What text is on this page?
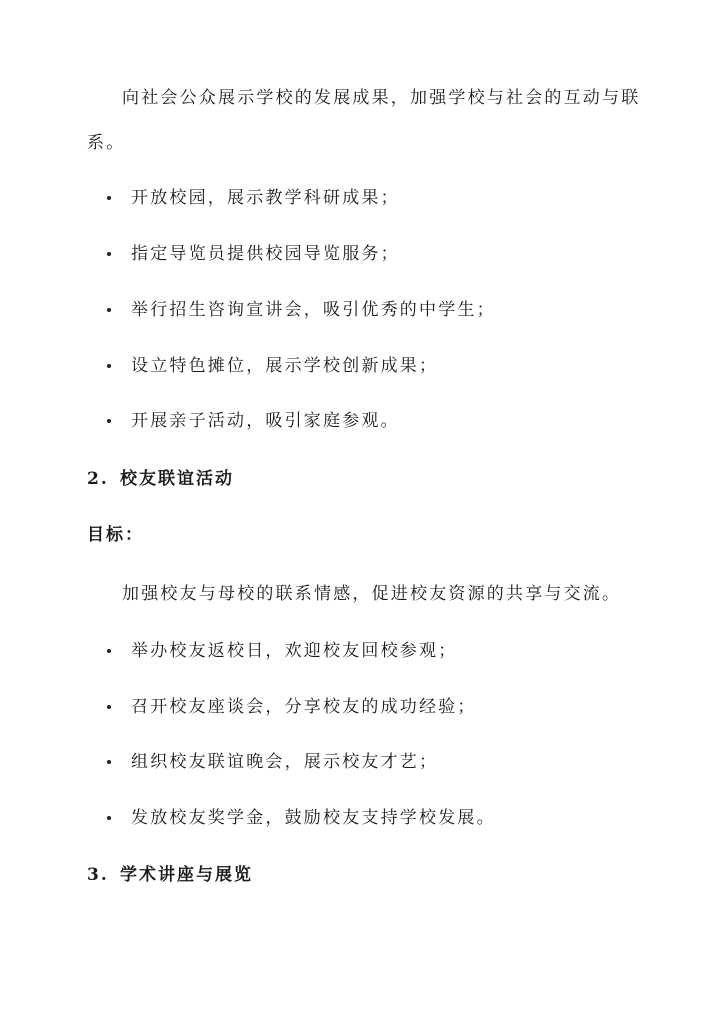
向社会公众展示学校的发展成果，加强学校与社会的互动与联
系。
开放校园，展示教学科研成果；
指定导览员提供校园导览服务；
举行招生咨询宣讲会，吸引优秀的中学生；
设立特色摊位，展示学校创新成果；
开展亲子活动，吸引家庭参观。
2. 校友联谊活动
目标：
加强校友与母校的联系情感，促进校友资源的共享与交流。
举办校友返校日，欢迎校友回校参观；
召开校友座谈会，分享校友的成功经验；
组织校友联谊晚会，展示校友才艺；
发放校友奖学金，鼓励校友支持学校发展。
3. 学术讲座与展览
